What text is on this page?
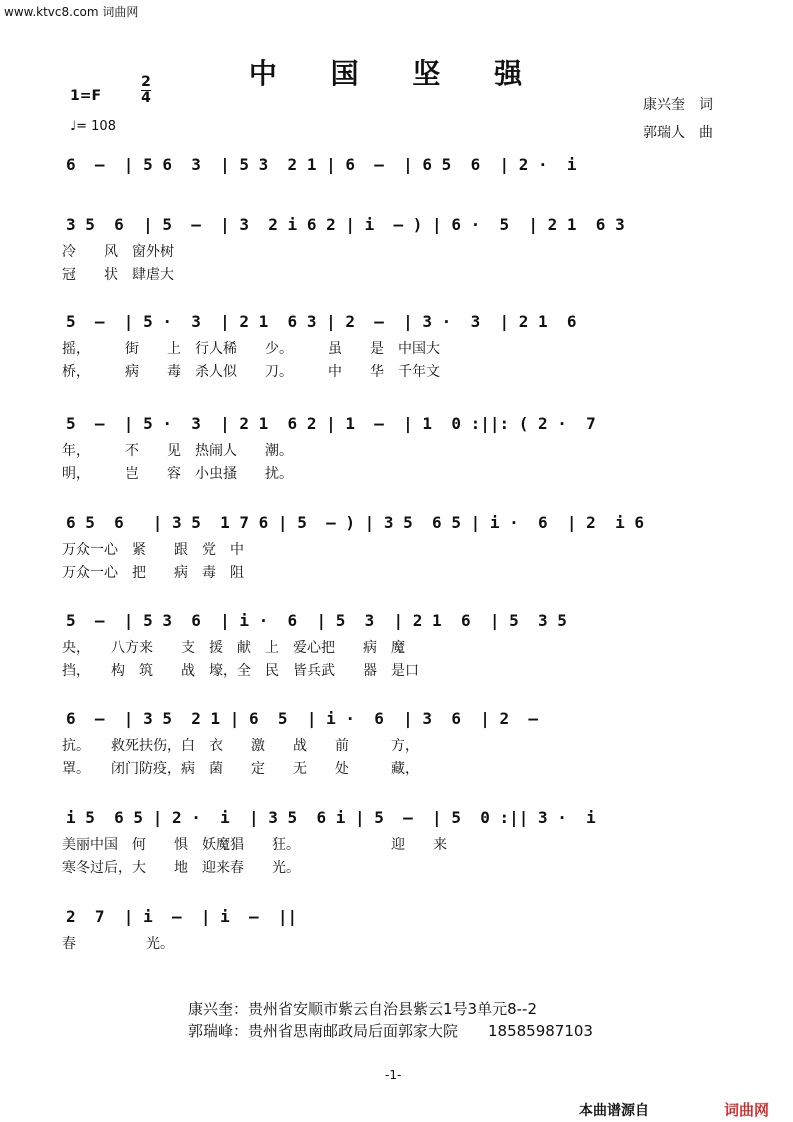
www.ktvc8.com 词曲网
中 国 坚 强
1=F
2
4
♩= 108
康兴奎　词
郭瑞人　曲
6  –  | 5 6  3  | 5 3  2 1 | 6  –  | 6 5  6  | 2 ·  i
3 5  6  | 5  –  | 3  2 i 6 2 | i  – ) | 6 ·  5  | 2 1  6 3
冷　　风　窗外树
冠　　状　肆虐大
5  –  | 5 ·  3  | 2 1  6 3 | 2  –  | 3 ·  3  | 2 1  6
摇，　　　街　　上　行人稀　　少。　　　虽　　是　中国大
桥，　　　病　　毒　杀人似　　刀。　　　中　　华　千年文
5  –  | 5 ·  3  | 2 1  6 2 | 1  –  | 1  0 :||: ( 2 ·  7
年，　　　不　　见　热闹人　　潮。
明，　　　岂　　容　小虫搔　　扰。
6 5  6   | 3 5  1 7 6 | 5  – ) | 3 5  6 5 | i ·  6  | 2  i 6
万众一心　紧　　跟　党　中
万众一心　把　　病　毒　阻
5  –  | 5 3  6  | i ·  6  | 5  3  | 2 1  6  | 5  3 5
央，　　八方来　　支　援　献　上　爱心把　　病　魔
挡，　　构　筑　　战　壕，全　民　皆兵武　　器　是口
6  –  | 3 5  2 1 | 6  5  | i ·  6  | 3  6  | 2  –
抗。　　救死扶伤，白　衣　　激　　战　　前　　　方，
罩。　　闭门防疫，病　菌　　定　　无　　处　　　藏，
i 5  6 5 | 2 ·  i  | 3 5  6 i | 5  –  | 5  0 :|| 3 ·  i
美丽中国　何　　惧　妖魔猖　　狂。　　　　　　　迎　　来
寒冬过后，大　　地　迎来春　　光。
2  7  | i  –  | i  –  ||
春　　　　　光。
康兴奎：贵州省安顺市紫云自治县紫云1号3单元8--2
郭瑞峰：贵州省思南邮政局后面郭家大院　　18585987103
-1-
本曲谱源自	词曲网
